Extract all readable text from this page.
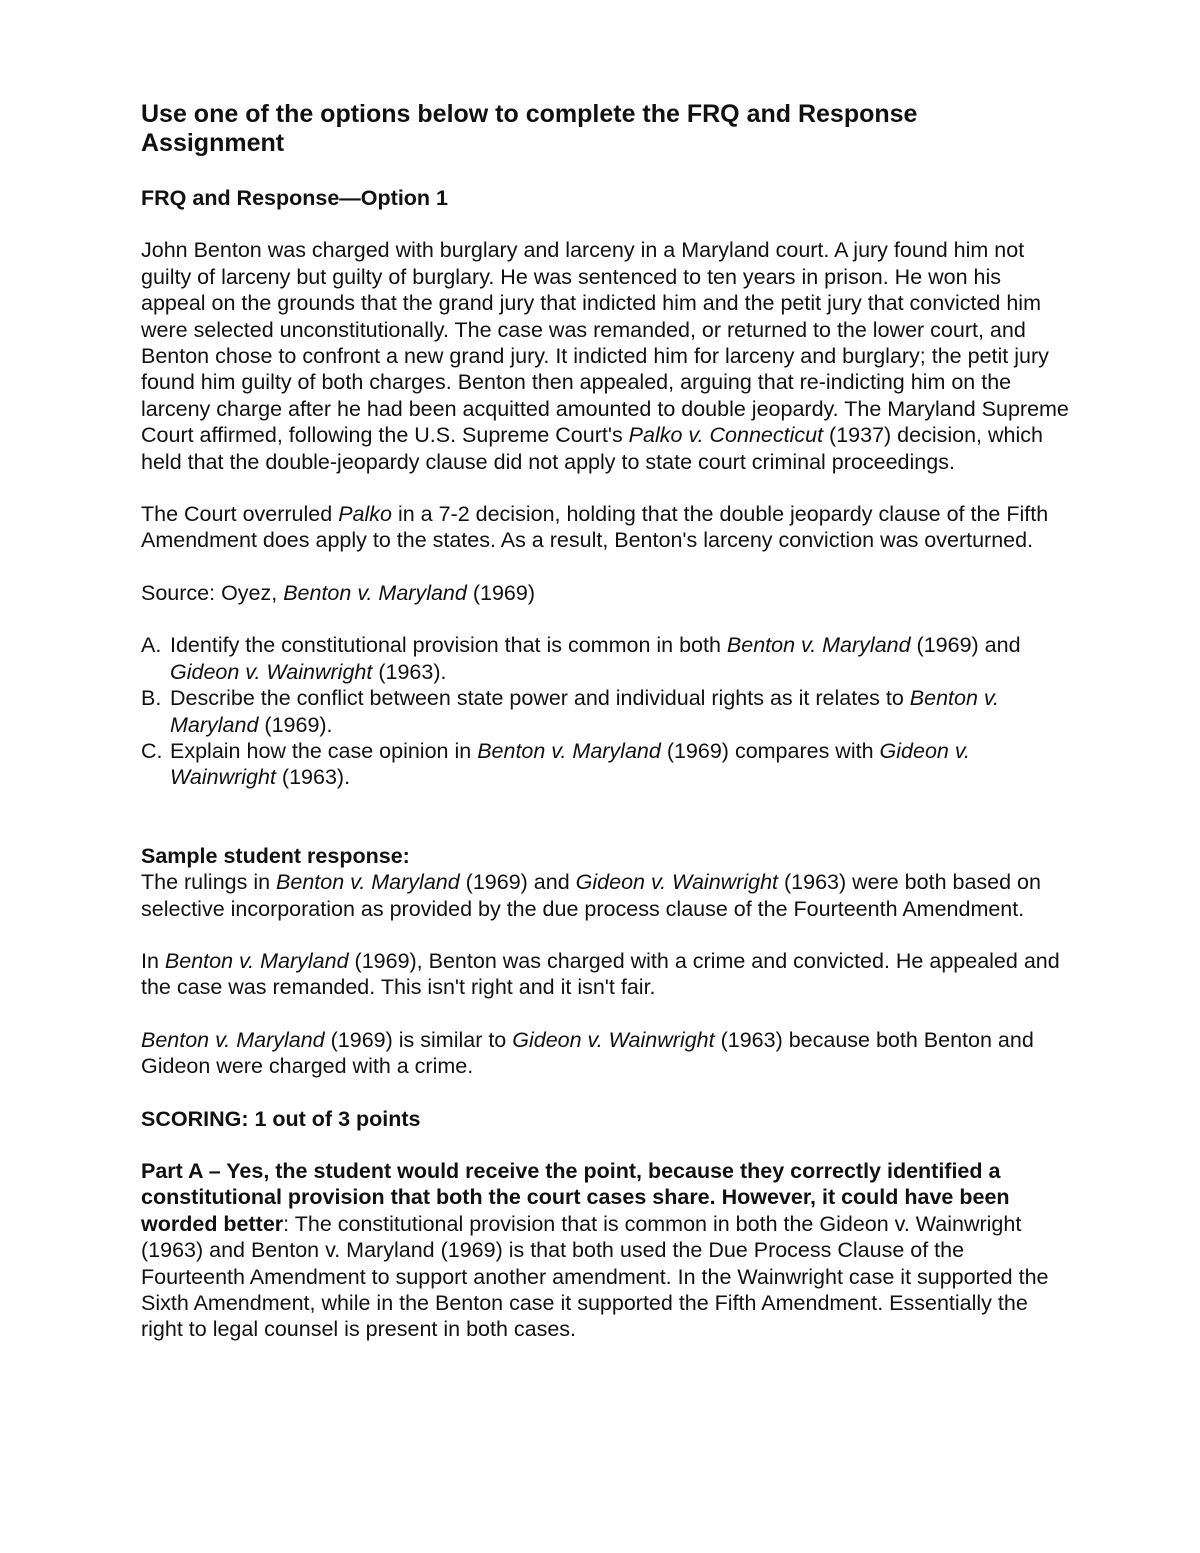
Use one of the options below to complete the FRQ and Response
Assignment

FRQ and Response—Option 1

John Benton was charged with burglary and larceny in a Maryland court. A jury found him not guilty of larceny but guilty of burglary. He was sentenced to ten years in prison. He won his appeal on the grounds that the grand jury that indicted him and the petit jury that convicted him were selected unconstitutionally. The case was remanded, or returned to the lower court, and Benton chose to confront a new grand jury. It indicted him for larceny and burglary; the petit jury found him guilty of both charges. Benton then appealed, arguing that re-indicting him on the larceny charge after he had been acquitted amounted to double jeopardy. The Maryland Supreme Court affirmed, following the U.S. Supreme Court's Palko v. Connecticut (1937) decision, which held that the double-jeopardy clause did not apply to state court criminal proceedings.

The Court overruled Palko in a 7-2 decision, holding that the double jeopardy clause of the Fifth Amendment does apply to the states. As a result, Benton's larceny conviction was overturned.

Source: Oyez, Benton v. Maryland (1969)

A. Identify the constitutional provision that is common in both Benton v. Maryland (1969) and Gideon v. Wainwright (1963).
B. Describe the conflict between state power and individual rights as it relates to Benton v. Maryland (1969).
C. Explain how the case opinion in Benton v. Maryland (1969) compares with Gideon v. Wainwright (1963).

Sample student response:

The rulings in Benton v. Maryland (1969) and Gideon v. Wainwright (1963) were both based on selective incorporation as provided by the due process clause of the Fourteenth Amendment.

In Benton v. Maryland (1969), Benton was charged with a crime and convicted. He appealed and the case was remanded. This isn't right and it isn't fair.

Benton v. Maryland (1969) is similar to Gideon v. Wainwright (1963) because both Benton and Gideon were charged with a crime.

SCORING: 1 out of 3 points

Part A – Yes, the student would receive the point, because they correctly identified a constitutional provision that both the court cases share. However, it could have been worded better: The constitutional provision that is common in both the Gideon v. Wainwright (1963) and Benton v. Maryland (1969) is that both used the Due Process Clause of the Fourteenth Amendment to support another amendment. In the Wainwright case it supported the Sixth Amendment, while in the Benton case it supported the Fifth Amendment. Essentially the right to legal counsel is present in both cases.
